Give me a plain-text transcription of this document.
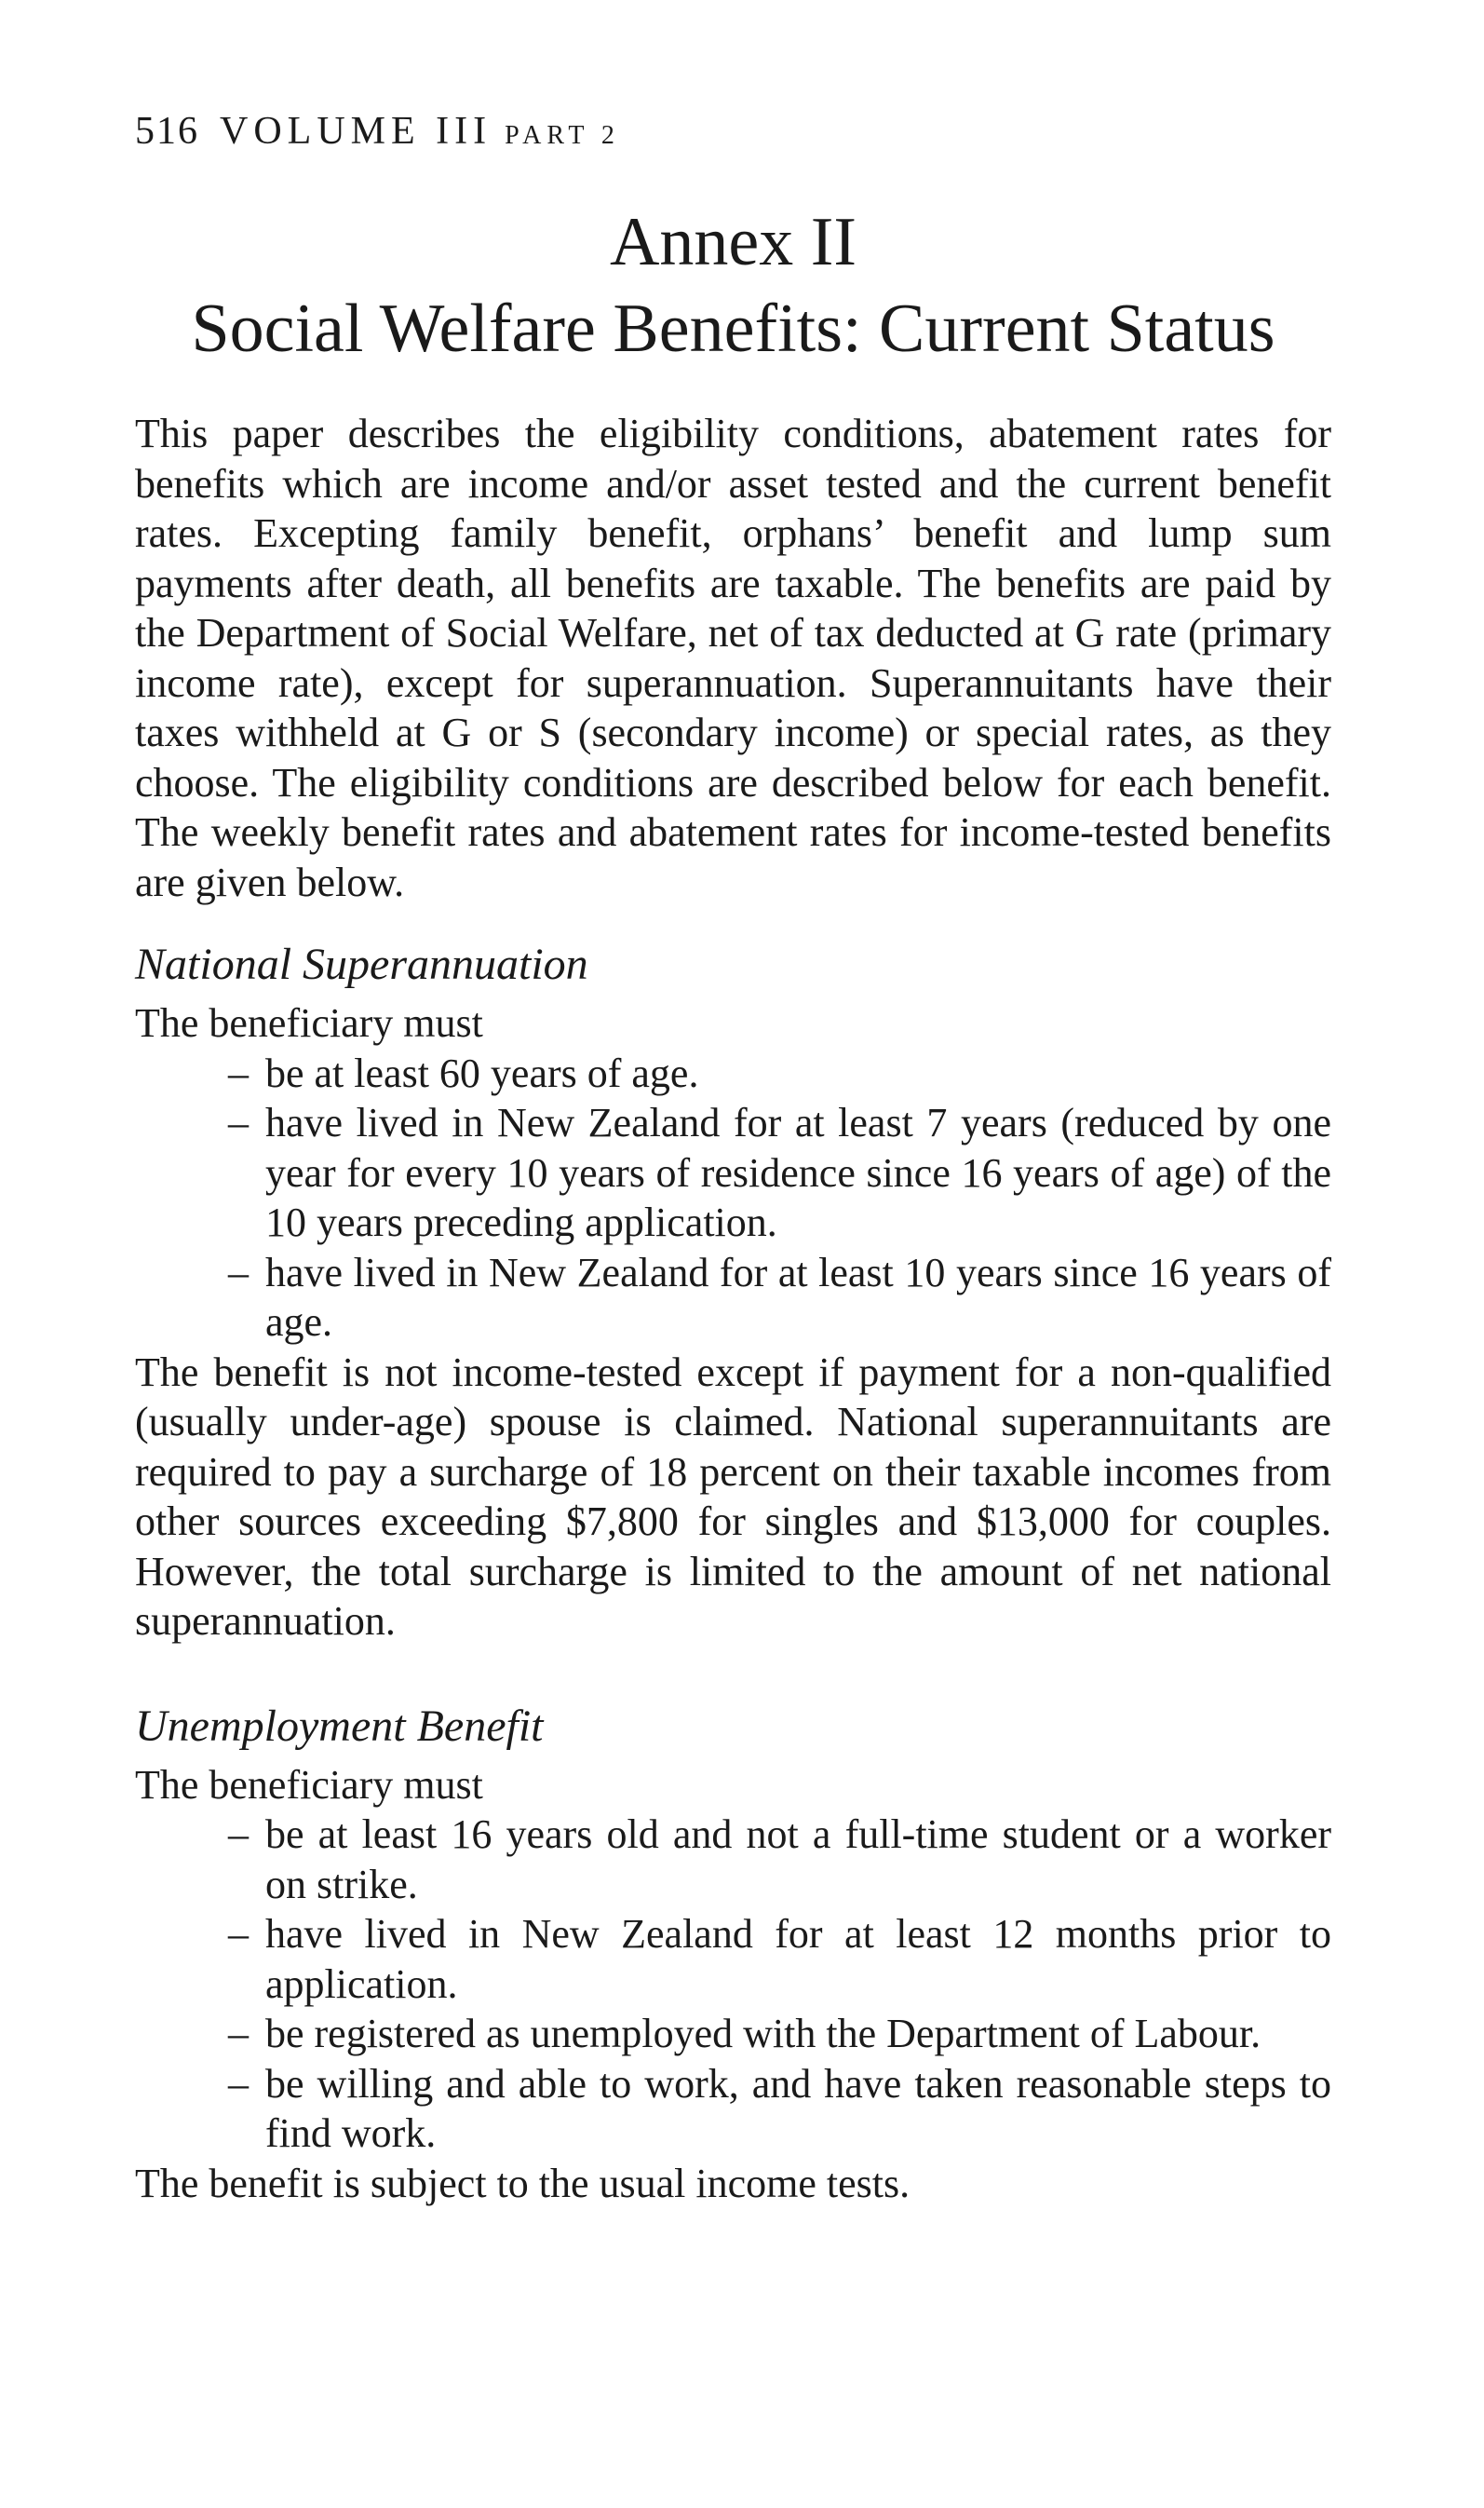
516 VOLUME III PART 2
Annex II
Social Welfare Benefits: Current Status

This paper describes the eligibility conditions, abatement rates for benefits which are income and/or asset tested and the current benefit rates. Excepting family benefit, orphans’ benefit and lump sum payments after death, all benefits are taxable. The benefits are paid by the Department of Social Welfare, net of tax deducted at G rate (primary income rate), except for superannuation. Superannuitants have their taxes withheld at G or S (secondary income) or special rates, as they choose. The eligibility conditions are described below for each benefit. The weekly benefit rates and abatement rates for income-tested benefits are given below.

National Superannuation

The beneficiary must

– be at least 60 years of age.
– have lived in New Zealand for at least 7 years (reduced by one year for every 10 years of residence since 16 years of age) of the 10 years preceding application.
– have lived in New Zealand for at least 10 years since 16 years of age.

The benefit is not income-tested except if payment for a non-qualified (usually under-age) spouse is claimed. National superannuitants are required to pay a surcharge of 18 percent on their taxable incomes from other sources exceeding $7,800 for singles and $13,000 for couples. However, the total surcharge is limited to the amount of net national superannuation.

Unemployment Benefit

The beneficiary must

– be at least 16 years old and not a full-time student or a worker on strike.
– have lived in New Zealand for at least 12 months prior to application.
– be registered as unemployed with the Department of Labour.
– be willing and able to work, and have taken reasonable steps to find work.

The benefit is subject to the usual income tests.
